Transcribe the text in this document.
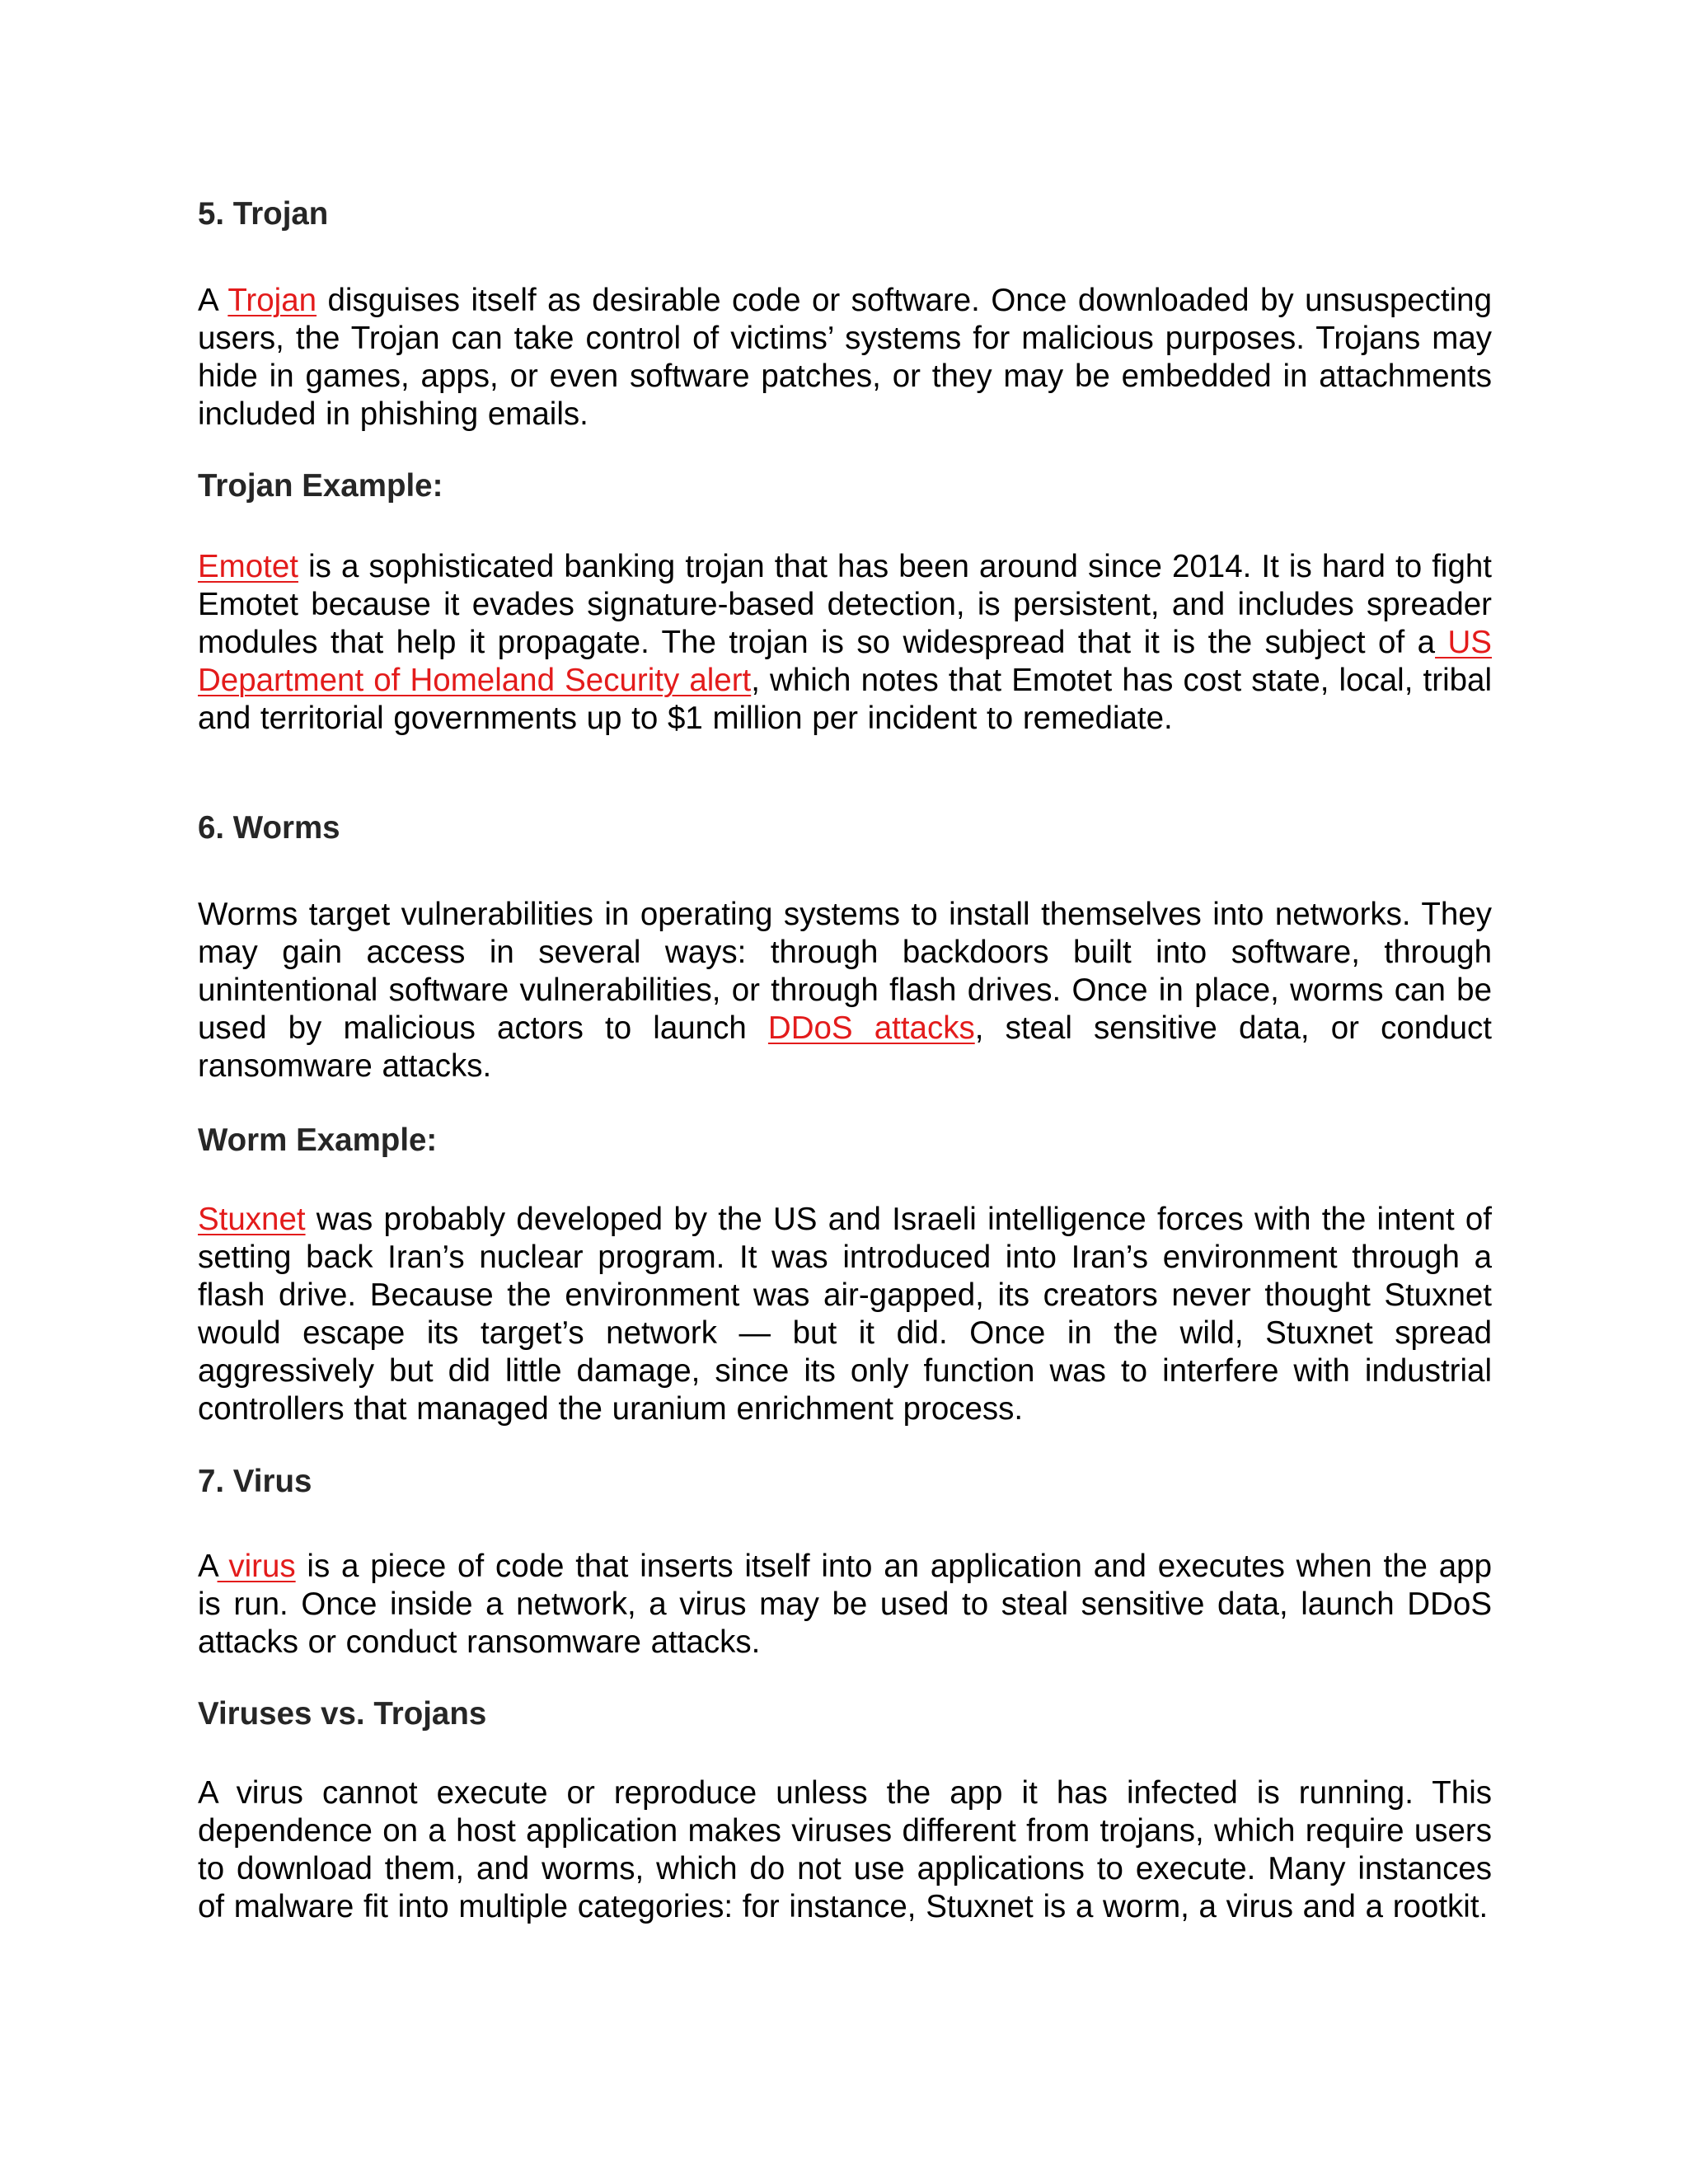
5. Trojan
A Trojan disguises itself as desirable code or software. Once downloaded by unsuspecting users, the Trojan can take control of victims’ systems for malicious purposes. Trojans may hide in games, apps, or even software patches, or they may be embedded in attachments included in phishing emails.
Trojan Example:
Emotet is a sophisticated banking trojan that has been around since 2014. It is hard to fight Emotet because it evades signature-based detection, is persistent, and includes spreader modules that help it propagate. The trojan is so widespread that it is the subject of a US Department of Homeland Security alert, which notes that Emotet has cost state, local, tribal and territorial governments up to $1 million per incident to remediate.
6. Worms
Worms target vulnerabilities in operating systems to install themselves into networks. They may gain access in several ways: through backdoors built into software, through unintentional software vulnerabilities, or through flash drives. Once in place, worms can be used by malicious actors to launch DDoS attacks, steal sensitive data, or conduct ransomware attacks.
Worm Example:
Stuxnet was probably developed by the US and Israeli intelligence forces with the intent of setting back Iran’s nuclear program. It was introduced into Iran’s environment through a flash drive. Because the environment was air-gapped, its creators never thought Stuxnet would escape its target’s network — but it did. Once in the wild, Stuxnet spread aggressively but did little damage, since its only function was to interfere with industrial controllers that managed the uranium enrichment process.
7. Virus
A virus is a piece of code that inserts itself into an application and executes when the app is run. Once inside a network, a virus may be used to steal sensitive data, launch DDoS attacks or conduct ransomware attacks.
Viruses vs. Trojans
A virus cannot execute or reproduce unless the app it has infected is running. This dependence on a host application makes viruses different from trojans, which require users to download them, and worms, which do not use applications to execute. Many instances of malware fit into multiple categories: for instance, Stuxnet is a worm, a virus and a rootkit.
